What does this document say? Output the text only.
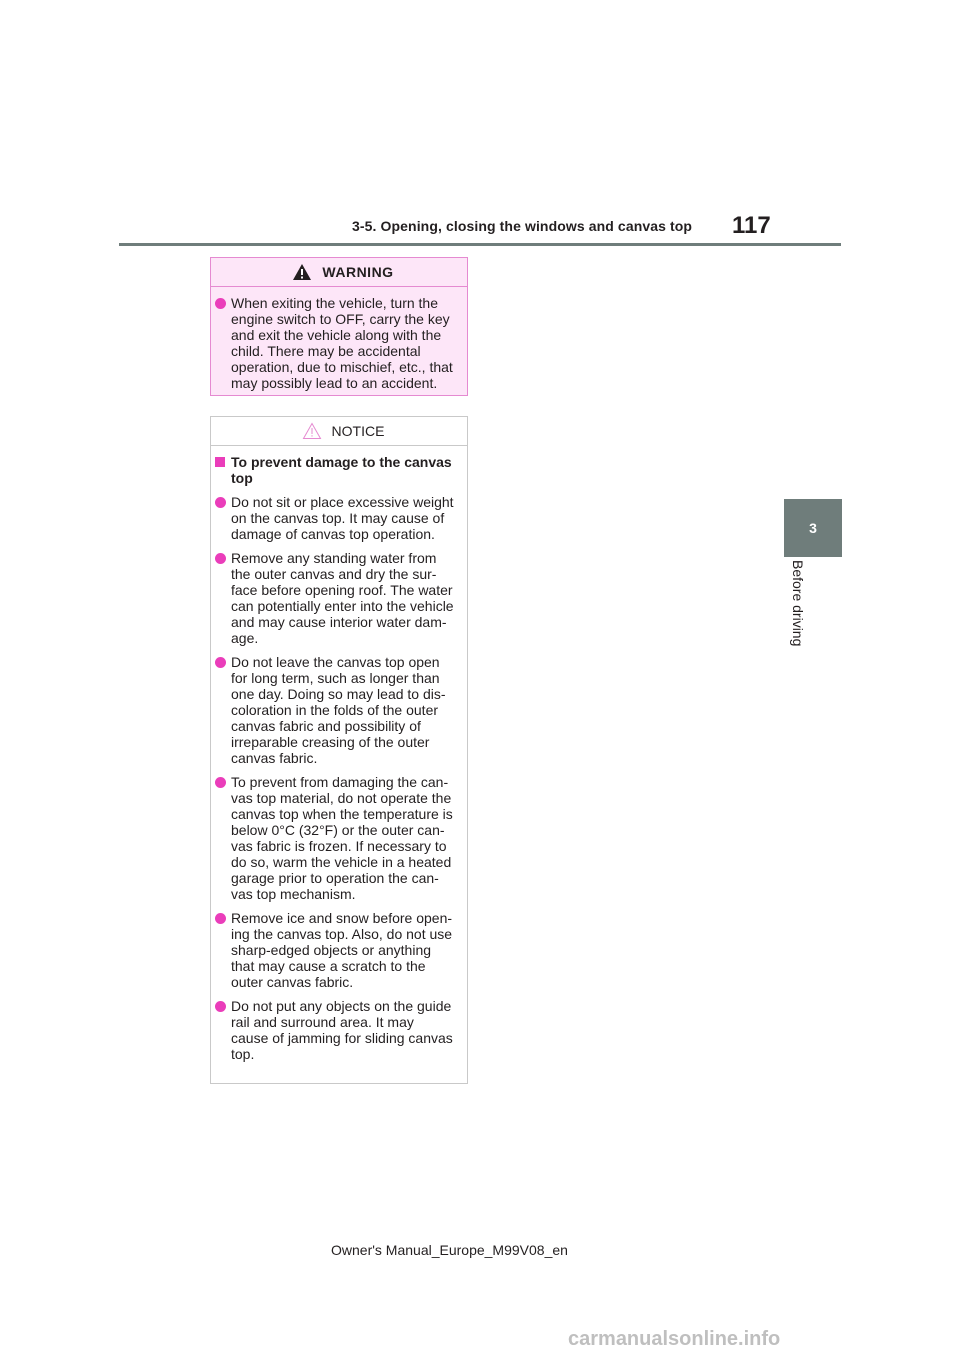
3-5. Opening, closing the windows and canvas top 117
3
Before driving
WARNING
When exiting the vehicle, turn the engine switch to OFF, carry the key and exit the vehicle along with the child. There may be accidental operation, due to mischief, etc., that may possibly lead to an accident.
NOTICE
To prevent damage to the canvas top
Do not sit or place excessive weight on the canvas top. It may cause of damage of canvas top operation.
Remove any standing water from the outer canvas and dry the sur-face before opening roof. The water can potentially enter into the vehicle and may cause interior water dam-age.
Do not leave the canvas top open for long term, such as longer than one day. Doing so may lead to dis-coloration in the folds of the outer canvas fabric and possibility of irreparable creasing of the outer canvas fabric.
To prevent from damaging the can-vas top material, do not operate the canvas top when the temperature is below 0°C (32°F) or the outer can-vas fabric is frozen. If necessary to do so, warm the vehicle in a heated garage prior to operation the can-vas top mechanism.
Remove ice and snow before open-ing the canvas top. Also, do not use sharp-edged objects or anything that may cause a scratch to the outer canvas fabric.
Do not put any objects on the guide rail and surround area. It may cause of jamming for sliding canvas top.
Owner's Manual_Europe_M99V08_en
carmanualsonline.info
